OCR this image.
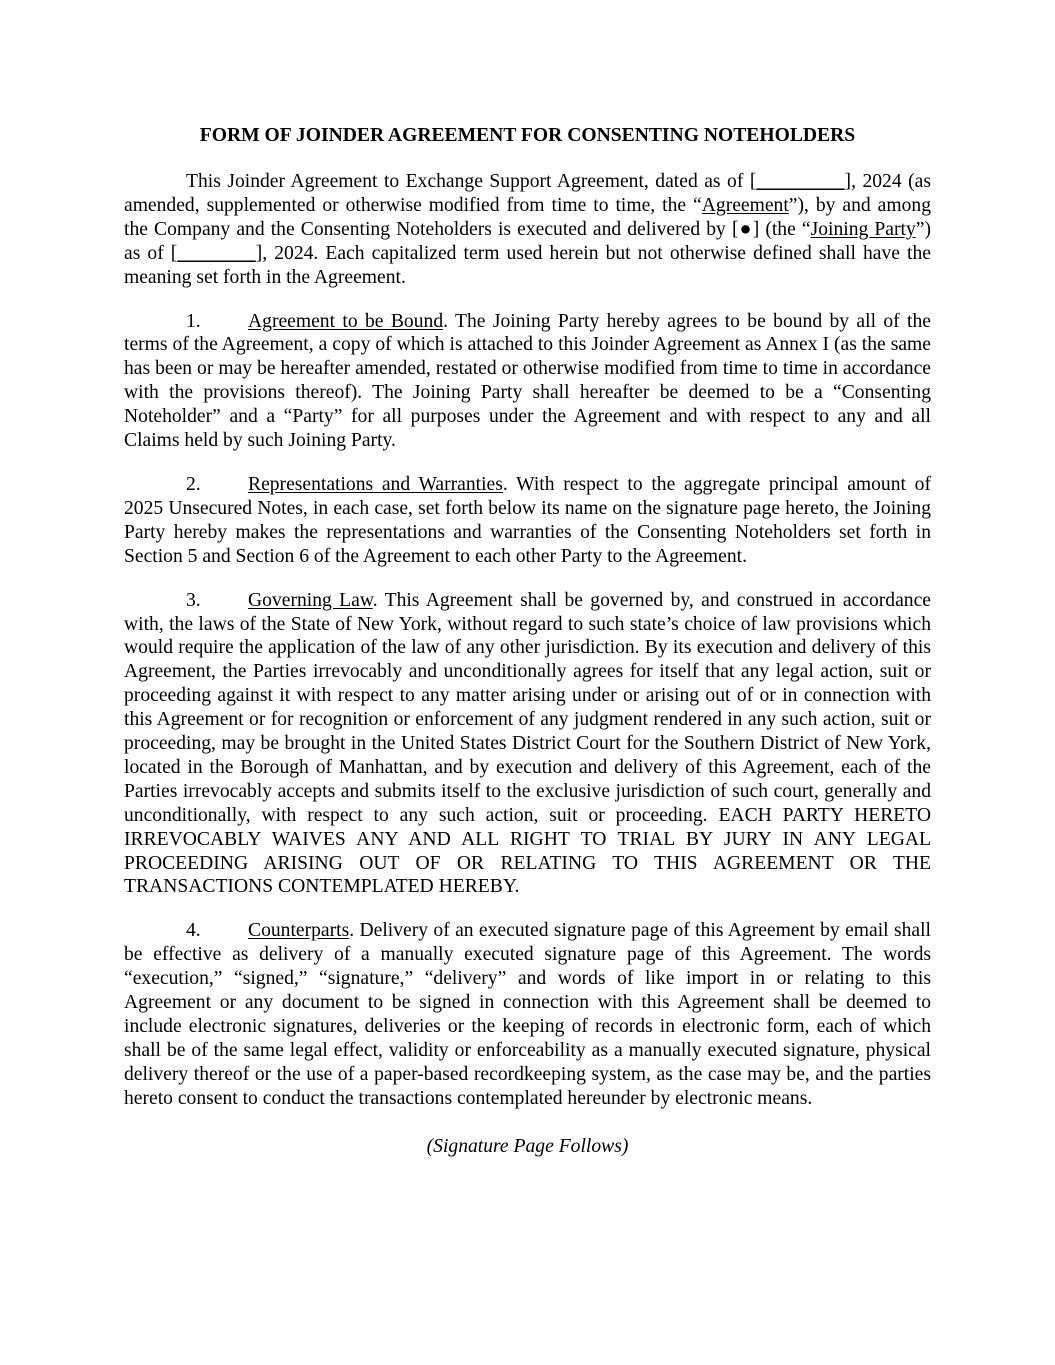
FORM OF JOINDER AGREEMENT FOR CONSENTING NOTEHOLDERS

This Joinder Agreement to Exchange Support Agreement, dated as of [_________], 2024 (as amended, supplemented or otherwise modified from time to time, the “Agreement”), by and among the Company and the Consenting Noteholders is executed and delivered by [●] (the “Joining Party”) as of [________], 2024. Each capitalized term used herein but not otherwise defined shall have the meaning set forth in the Agreement.

1. Agreement to be Bound. The Joining Party hereby agrees to be bound by all of the terms of the Agreement, a copy of which is attached to this Joinder Agreement as Annex I (as the same has been or may be hereafter amended, restated or otherwise modified from time to time in accordance with the provisions thereof). The Joining Party shall hereafter be deemed to be a “Consenting Noteholder” and a “Party” for all purposes under the Agreement and with respect to any and all Claims held by such Joining Party.

2. Representations and Warranties. With respect to the aggregate principal amount of 2025 Unsecured Notes, in each case, set forth below its name on the signature page hereto, the Joining Party hereby makes the representations and warranties of the Consenting Noteholders set forth in Section 5 and Section 6 of the Agreement to each other Party to the Agreement.

3. Governing Law. This Agreement shall be governed by, and construed in accordance with, the laws of the State of New York, without regard to such state’s choice of law provisions which would require the application of the law of any other jurisdiction. By its execution and delivery of this Agreement, the Parties irrevocably and unconditionally agrees for itself that any legal action, suit or proceeding against it with respect to any matter arising under or arising out of or in connection with this Agreement or for recognition or enforcement of any judgment rendered in any such action, suit or proceeding, may be brought in the United States District Court for the Southern District of New York, located in the Borough of Manhattan, and by execution and delivery of this Agreement, each of the Parties irrevocably accepts and submits itself to the exclusive jurisdiction of such court, generally and unconditionally, with respect to any such action, suit or proceeding. EACH PARTY HERETO IRREVOCABLY WAIVES ANY AND ALL RIGHT TO TRIAL BY JURY IN ANY LEGAL PROCEEDING ARISING OUT OF OR RELATING TO THIS AGREEMENT OR THE TRANSACTIONS CONTEMPLATED HEREBY.

4. Counterparts. Delivery of an executed signature page of this Agreement by email shall be effective as delivery of a manually executed signature page of this Agreement. The words “execution,” “signed,” “signature,” “delivery” and words of like import in or relating to this Agreement or any document to be signed in connection with this Agreement shall be deemed to include electronic signatures, deliveries or the keeping of records in electronic form, each of which shall be of the same legal effect, validity or enforceability as a manually executed signature, physical delivery thereof or the use of a paper-based recordkeeping system, as the case may be, and the parties hereto consent to conduct the transactions contemplated hereunder by electronic means.

(Signature Page Follows)
